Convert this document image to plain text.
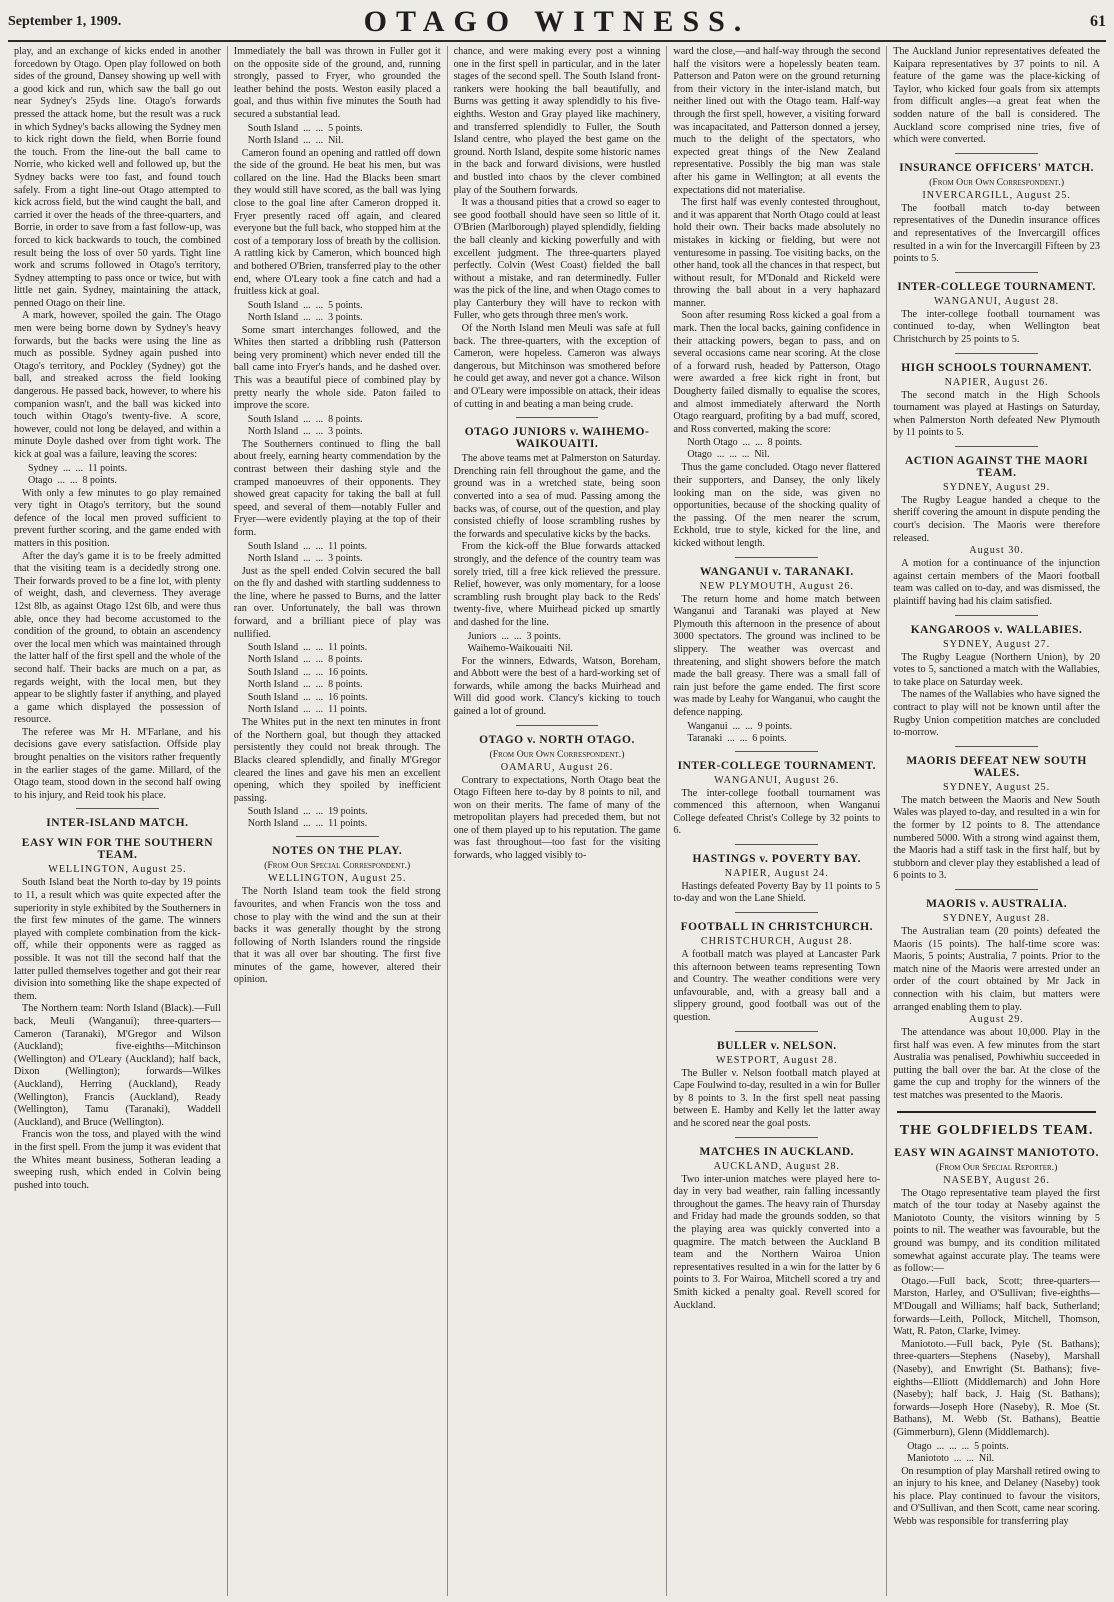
September 1, 1909.	OTAGO WITNESS.	61

play, and an exchange of kicks ended in another forcedown by Otago. Open play followed on both sides of the ground, Dansey showing up well with a good kick and run, which saw the ball go out near Sydney's 25yds line. Otago's forwards pressed the attack home, but the result was a ruck in which Sydney's backs allowing the Sydney men to kick right down the field, when Borrie found the touch. From the line-out the ball came to Norrie, who kicked well and followed up, but the Sydney backs were too fast, and found touch safely. From a tight line-out Otago attempted to kick across field, but the wind caught the ball, and carried it over the heads of the three-quarters, and Borrie, in order to save from a fast follow-up, was forced to kick backwards to touch, the combined result being the loss of over 50 yards. Tight line work and scrums followed in Otago's territory, Sydney attempting to pass once or twice, but with little net gain. Sydney, maintaining the attack, penned Otago on their line.

A mark, however, spoiled the gain. The Otago men were being borne down by Sydney's heavy forwards, but the backs were using the line as much as possible. Sydney again pushed into Otago's territory, and Pockley (Sydney) got the ball, and streaked across the field looking dangerous. He passed back, however, to where his companion wasn't, and the ball was kicked into touch within Otago's twenty-five. A score, however, could not long be delayed, and within a minute Doyle dashed over from tight work. The kick at goal was a failure, leaving the scores:

Sydney  ...  ...  11 points.
Otago  ...  ...  8 points.

With only a few minutes to go play remained very tight in Otago's territory, but the sound defence of the local men proved sufficient to prevent further scoring, and the game ended with matters in this position.

After the day's game it is to be freely admitted that the visiting team is a decidedly strong one. Their forwards proved to be a fine lot, with plenty of weight, dash, and cleverness. They average 12st 8lb, as against Otago 12st 6lb, and were thus able, once they had become accustomed to the condition of the ground, to obtain an ascendency over the local men which was maintained through the latter half of the first spell and the whole of the second half. Their backs are much on a par, as regards weight, with the local men, but they appear to be slightly faster if anything, and played a game which displayed the possession of resource.

The referee was Mr H. M'Farlane, and his decisions gave every satisfaction. Offside play brought penalties on the visitors rather frequently in the earlier stages of the game. Millard, of the Otago team, stood down in the second half owing to his injury, and Reid took his place.

INTER-ISLAND MATCH.
EASY WIN FOR THE SOUTHERN TEAM.
WELLINGTON, August 25.

South Island beat the North to-day by 19 points to 11, a result which was quite expected after the superiority in style exhibited by the Southerners in the first few minutes of the game. The winners played with complete combination from the kick-off, while their opponents were as ragged as possible. It was not till the second half that the latter pulled themselves together and got their rear division into something like the shape expected of them.

The Northern team: North Island (Black).—Full back, Meuli (Wanganui); three-quarters—Cameron (Taranaki), M'Gregor and Wilson (Auckland); five-eighths—Mitchinson (Wellington) and O'Leary (Auckland); half back, Dixon (Wellington); forwards—Wilkes (Auckland), Herring (Auckland), Ready (Wellington), Francis (Auckland), Ready (Wellington), Tamu (Taranaki), Waddell (Auckland), and Bruce (Wellington).

Francis won the toss, and played with the wind in the first spell. From the jump it was evident that the Whites meant business, Sotheran leading a sweeping rush, which ended in Colvin being pushed into touch.

Immediately the ball was thrown in Fuller got it on the opposite side of the ground, and, running strongly, passed to Fryer, who grounded the leather behind the posts. Weston easily placed a goal, and thus within five minutes the South had secured a substantial lead.

South Island  ...  ...  5 points.
North Island  ...  ...  Nil.

Cameron found an opening and rattled off down the side of the ground. He beat his men, but was collared on the line. Had the Blacks been smart they would still have scored, as the ball was lying close to the goal line after Cameron dropped it. Fryer presently raced off again, and cleared everyone but the full back, who stopped him at the cost of a temporary loss of breath by the collision. A rattling kick by Cameron, which bounced high and bothered O'Brien, transferred play to the other end, where O'Leary took a fine catch and had a fruitless kick at goal.

South Island  ...  ...  5 points.
North Island  ...  ...  3 points.

Some smart interchanges followed, and the Whites then started a dribbling rush (Patterson being very prominent) which never ended till the ball came into Fryer's hands, and he dashed over. This was a beautiful piece of combined play by pretty nearly the whole side. Paton failed to improve the score.

South Island  ...  ...  8 points.
North Island  ...  ...  3 points.

The Southerners continued to fling the ball about freely, earning hearty commendation by the contrast between their dashing style and the cramped manoeuvres of their opponents. They showed great capacity for taking the ball at full speed, and several of them—notably Fuller and Fryer—were evidently playing at the top of their form.

South Island  ...  ...  11 points.
North Island  ...  ...  3 points.

Just as the spell ended Colvin secured the ball on the fly and dashed with startling suddenness to the line, where he passed to Burns, and the latter ran over. Unfortunately, the ball was thrown forward, and a brilliant piece of play was nullified.

South Island  ...  ...  11 points.
North Island  ...  ...  8 points.
South Island  ...  ...  16 points.
North Island  ...  ...  8 points.
South Island  ...  ...  16 points.
North Island  ...  ...  11 points.

The Whites put in the next ten minutes in front of the Northern goal, but though they attacked persistently they could not break through. The Blacks cleared splendidly, and finally M'Gregor cleared the lines and gave his men an excellent opening, which they spoiled by inefficient passing.

South Island  ...  ...  19 points.
North Island  ...  ...  11 points.
NOTES ON THE PLAY.
(From Our Special Correspondent.)
WELLINGTON, August 25.

The North Island team took the field strong favourites, and when Francis won the toss and chose to play with the wind and the sun at their backs it was generally thought by the strong following of North Islanders round the ringside that it was all over bar shouting. The first five minutes of the game, however, altered their opinion.

chance, and were making every post a winning one in the first spell in particular, and in the later stages of the second spell. The South Island front-rankers were hooking the ball beautifully, and Burns was getting it away splendidly to his five-eighths. Weston and Gray played like machinery, and transferred splendidly to Fuller, the South Island centre, who played the best game on the ground. North Island, despite some historic names in the back and forward divisions, were hustled and bustled into chaos by the clever combined play of the Southern forwards.

It was a thousand pities that a crowd so eager to see good football should have seen so little of it. O'Brien (Marlborough) played splendidly, fielding the ball cleanly and kicking powerfully and with excellent judgment. The three-quarters played perfectly. Colvin (West Coast) fielded the ball without a mistake, and ran determinedly. Fuller was the pick of the line, and when Otago comes to play Canterbury they will have to reckon with Fuller, who gets through three men's work.

Of the North Island men Meuli was safe at full back. The three-quarters, with the exception of Cameron, were hopeless. Cameron was always dangerous, but Mitchinson was smothered before he could get away, and never got a chance. Wilson and O'Leary were impossible on attack, their ideas of cutting in and beating a man being crude.

OTAGO JUNIORS v. WAIHEMO-WAIKOUAITI.

The above teams met at Palmerston on Saturday. Drenching rain fell throughout the game, and the ground was in a wretched state, being soon converted into a sea of mud. Passing among the backs was, of course, out of the question, and play consisted chiefly of loose scrambling rushes by the forwards and speculative kicks by the backs.

From the kick-off the Blue forwards attacked strongly, and the defence of the country team was sorely tried, till a free kick relieved the pressure. Relief, however, was only momentary, for a loose scrambling rush brought play back to the Reds' twenty-five, where Muirhead picked up smartly and dashed for the line.

Juniors  ...  ...  3 points.
Waihemo-Waikouaiti  Nil.

For the winners, Edwards, Watson, Boreham, and Abbott were the best of a hard-working set of forwards, while among the backs Muirhead and Will did good work. Clancy's kicking to touch gained a lot of ground.

OTAGO v. NORTH OTAGO.
(From Our Own Correspondent.)
OAMARU, August 26.

Contrary to expectations, North Otago beat the Otago Fifteen here to-day by 8 points to nil, and won on their merits. The fame of many of the metropolitan players had preceded them, but not one of them played up to his reputation. The game was fast throughout—too fast for the visiting forwards, who lagged visibly to-

ward the close,—and half-way through the second half the visitors were a hopelessly beaten team. Patterson and Paton were on the ground returning from their victory in the inter-island match, but neither lined out with the Otago team. Half-way through the first spell, however, a visiting forward was incapacitated, and Patterson donned a jersey, much to the delight of the spectators, who expected great things of the New Zealand representative. Possibly the big man was stale after his game in Wellington; at all events the expectations did not materialise.

The first half was evenly contested throughout, and it was apparent that North Otago could at least hold their own. Their backs made absolutely no mistakes in kicking or fielding, but were not venturesome in passing. Toe visiting backs, on the other hand, took all the chances in that respect, but without result, for M'Donald and Rickeld were throwing the ball about in a very haphazard manner.

Soon after resuming Ross kicked a goal from a mark. Then the local backs, gaining confidence in their attacking powers, began to pass, and on several occasions came near scoring. At the close of a forward rush, headed by Patterson, Otago were awarded a free kick right in front, but Dougherty failed dismally to equalise the scores, and almost immediately afterward the North Otago rearguard, profiting by a bad muff, scored, and Ross converted, making the score:

North Otago  ...  ...  8 points.
Otago  ...  ...  ...  Nil.

Thus the game concluded. Otago never flattered their supporters, and Dansey, the only likely looking man on the side, was given no opportunities, because of the shocking quality of the passing. Of the men nearer the scrum, Eckhold, true to style, kicked for the line, and kicked without length.

WANGANUI v. TARANAKI.
NEW PLYMOUTH, August 26.

The return home and home match between Wanganui and Taranaki was played at New Plymouth this afternoon in the presence of about 3000 spectators. The ground was inclined to be slippery. The weather was overcast and threatening, and slight showers before the match made the ball greasy. There was a small fall of rain just before the game ended. The first score was made by Leahy for Wanganui, who caught the defence napping.

Wanganui  ...  ...  9 points.
Taranaki  ...  ...  6 points.
INTER-COLLEGE TOURNAMENT.
WANGANUI, August 26.

The inter-college football tournament was commenced this afternoon, when Wanganui College defeated Christ's College by 32 points to 6.

HASTINGS v. POVERTY BAY.
NAPIER, August 24.

Hastings defeated Poverty Bay by 11 points to 5 to-day and won the Lane Shield.

FOOTBALL IN CHRISTCHURCH.
CHRISTCHURCH, August 28.

A football match was played at Lancaster Park this afternoon between teams representing Town and Country. The weather conditions were very unfavourable, and, with a greasy ball and a slippery ground, good football was out of the question.

BULLER v. NELSON.
WESTPORT, August 28.

The Buller v. Nelson football match played at Cape Foulwind to-day, resulted in a win for Buller by 8 points to 3. In the first spell neat passing between E. Hamby and Kelly let the latter away and he scored near the goal posts.

MATCHES IN AUCKLAND.
AUCKLAND, August 28.

Two inter-union matches were played here to-day in very bad weather, rain falling incessantly throughout the games. The heavy rain of Thursday and Friday had made the grounds sodden, so that the playing area was quickly converted into a quagmire. The match between the Auckland B team and the Northern Wairoa Union representatives resulted in a win for the latter by 6 points to 3. For Wairoa, Mitchell scored a try and Smith kicked a penalty goal. Revell scored for Auckland.

The Auckland Junior representatives defeated the Kaipara representatives by 37 points to nil. A feature of the game was the place-kicking of Taylor, who kicked four goals from six attempts from difficult angles—a great feat when the sodden nature of the ball is considered. The Auckland score comprised nine tries, five of which were converted.

INSURANCE OFFICERS' MATCH.
(From Our Own Correspondent.)
INVERCARGILL, August 25.

The football match to-day between representatives of the Dunedin insurance offices and representatives of the Invercargill offices resulted in a win for the Invercargill Fifteen by 23 points to 5.

INTER-COLLEGE TOURNAMENT.
WANGANUI, August 28.

The inter-college football tournament was continued to-day, when Wellington beat Christchurch by 25 points to 5.

HIGH SCHOOLS TOURNAMENT.
NAPIER, August 26.

The second match in the High Schools tournament was played at Hastings on Saturday, when Palmerston North defeated New Plymouth by 11 points to 5.

ACTION AGAINST THE MAORI TEAM.
SYDNEY, August 29.

The Rugby League handed a cheque to the sheriff covering the amount in dispute pending the court's decision. The Maoris were therefore released.

August 30.

A motion for a continuance of the injunction against certain members of the Maori football team was called on to-day, and was dismissed, the plaintiff having had his claim satisfied.

KANGAROOS v. WALLABIES.
SYDNEY, August 27.

The Rugby League (Northern Union), by 20 votes to 5, sanctioned a match with the Wallabies, to take place on Saturday week.

The names of the Wallabies who have signed the contract to play will not be known until after the Rugby Union competition matches are concluded to-morrow.

MAORIS DEFEAT NEW SOUTH WALES.
SYDNEY, August 25.

The match between the Maoris and New South Wales was played to-day, and resulted in a win for the former by 12 points to 8. The attendance numbered 5000. With a strong wind against them, the Maoris had a stiff task in the first half, but by stubborn and clever play they established a lead of 6 points to 3.

MAORIS v. AUSTRALIA.
SYDNEY, August 28.

The Australian team (20 points) defeated the Maoris (15 points). The half-time score was: Maoris, 5 points; Australia, 7 points. Prior to the match nine of the Maoris were arrested under an order of the court obtained by Mr Jack in connection with his claim, but matters were arranged enabling them to play.

August 29.

The attendance was about 10,000. Play in the first half was even. A few minutes from the start Australia was penalised, Powhiwhiu succeeded in putting the ball over the bar. At the close of the game the cup and trophy for the winners of the test matches was presented to the Maoris.

THE GOLDFIELDS TEAM.
EASY WIN AGAINST MANIOTOTO.
(From Our Special Reporter.)
NASEBY, August 26.

The Otago representative team played the first match of the tour today at Naseby against the Maniototo County, the visitors winning by 5 points to nil. The weather was favourable, but the ground was bumpy, and its condition militated somewhat against accurate play. The teams were as follow:—

Otago.—Full back, Scott; three-quarters—Marston, Harley, and O'Sullivan; five-eighths—M'Dougall and Williams; half back, Sutherland; forwards—Leith, Pollock, Mitchell, Thomson, Watt, R. Paton, Clarke, Ivimey.

Maniototo.—Full back, Pyle (St. Bathans); three-quarters—Stephens (Naseby), Marshall (Naseby), and Enwright (St. Bathans); five-eighths—Elliott (Middlemarch) and John Hore (Naseby); half back, J. Haig (St. Bathans); forwards—Joseph Hore (Naseby), R. Moe (St. Bathans), M. Webb (St. Bathans), Beattie (Gimmerburn), Glenn (Middlemarch).

Otago  ...  ...  ...  5 points.
Maniototo  ...  ...  Nil.

On resumption of play Marshall retired owing to an injury to his knee, and Delaney (Naseby) took his place. Play continued to favour the visitors, and O'Sullivan, and then Scott, came near scoring. Webb was responsible for transferring play
